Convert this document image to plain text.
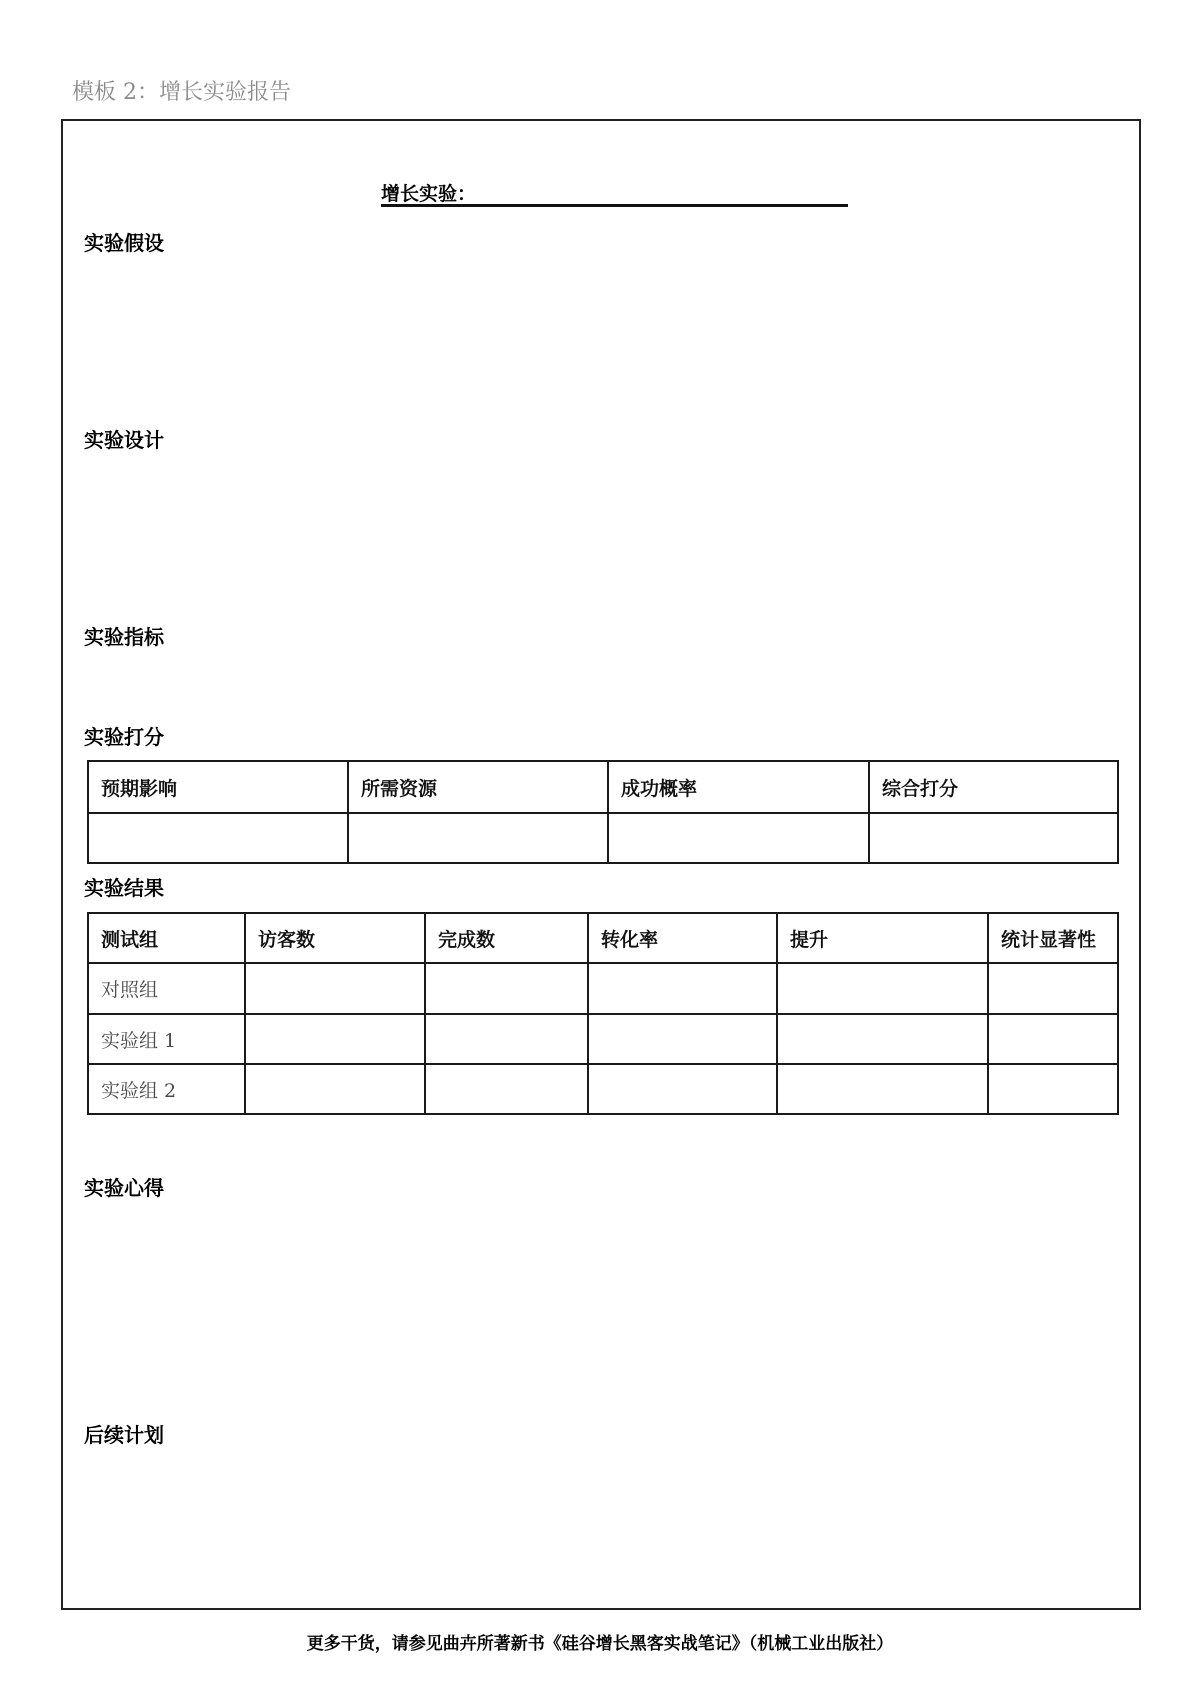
模板 2：增长实验报告
增长实验：
实验假设
实验设计
实验指标
实验打分
预期影响	所需资源	成功概率	综合打分

实验结果
测试组	访客数	完成数	转化率	提升	统计显著性
对照组					
实验组 1					
实验组 2					
实验心得
后续计划
更多干货，请参见曲卉所著新书《硅谷增长黑客实战笔记》（机械工业出版社）
